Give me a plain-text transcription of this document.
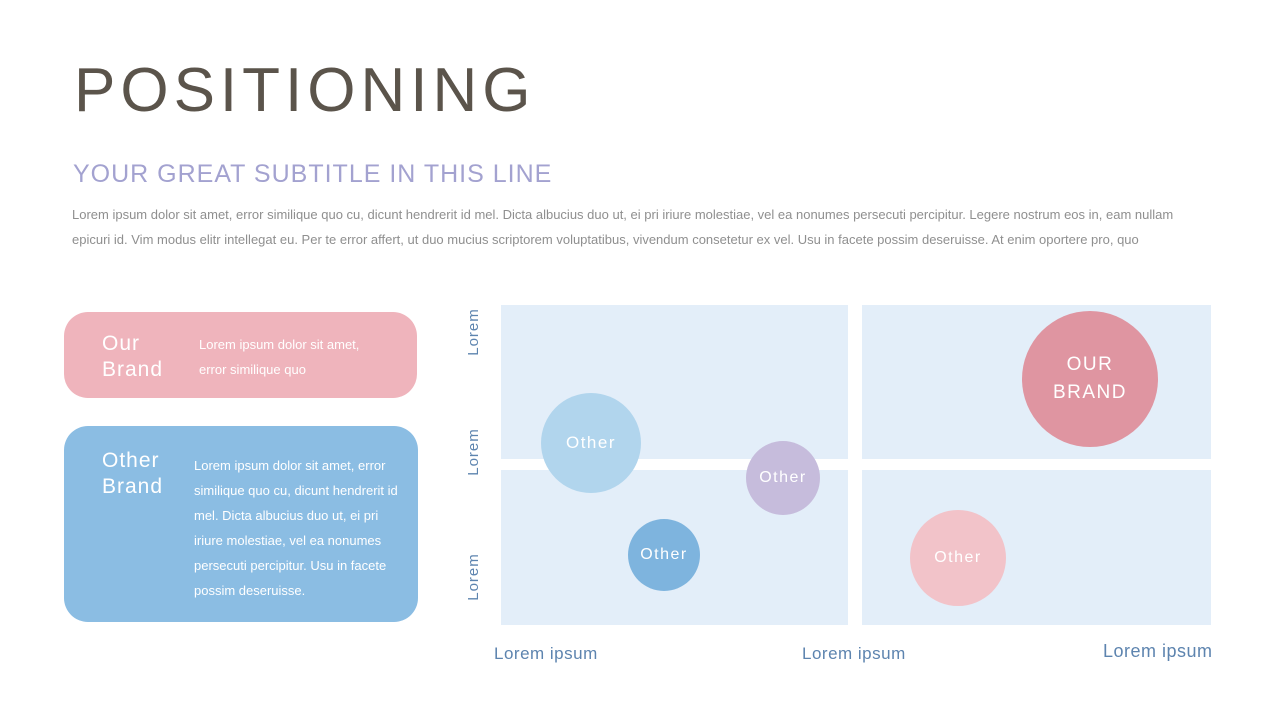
POSITIONING
YOUR GREAT SUBTITLE IN THIS LINE
Lorem ipsum dolor sit amet, error similique quo cu, dicunt hendrerit id mel. Dicta albucius duo ut, ei pri iriure molestiae, vel ea nonumes persecuti percipitur. Legere nostrum eos in, eam nullam
epicuri id. Vim modus elitr intellegat eu. Per te error affert, ut duo mucius scriptorem voluptatibus, vivendum consetetur ex vel. Usu in facete possim deseruisse. At enim oportere pro, quo
Our Brand
Lorem ipsum dolor sit amet, error similique quo
Other Brand
Lorem ipsum dolor sit amet, error similique quo cu, dicunt hendrerit id mel. Dicta albucius duo ut, ei pri iriure molestiae, vel ea nonumes persecuti percipitur. Usu in facete possim deseruisse.
Lorem
Lorem
Lorem
Lorem ipsum	Lorem ipsum	Lorem ipsum
Other
Other
Other
OUR BRAND
Other
